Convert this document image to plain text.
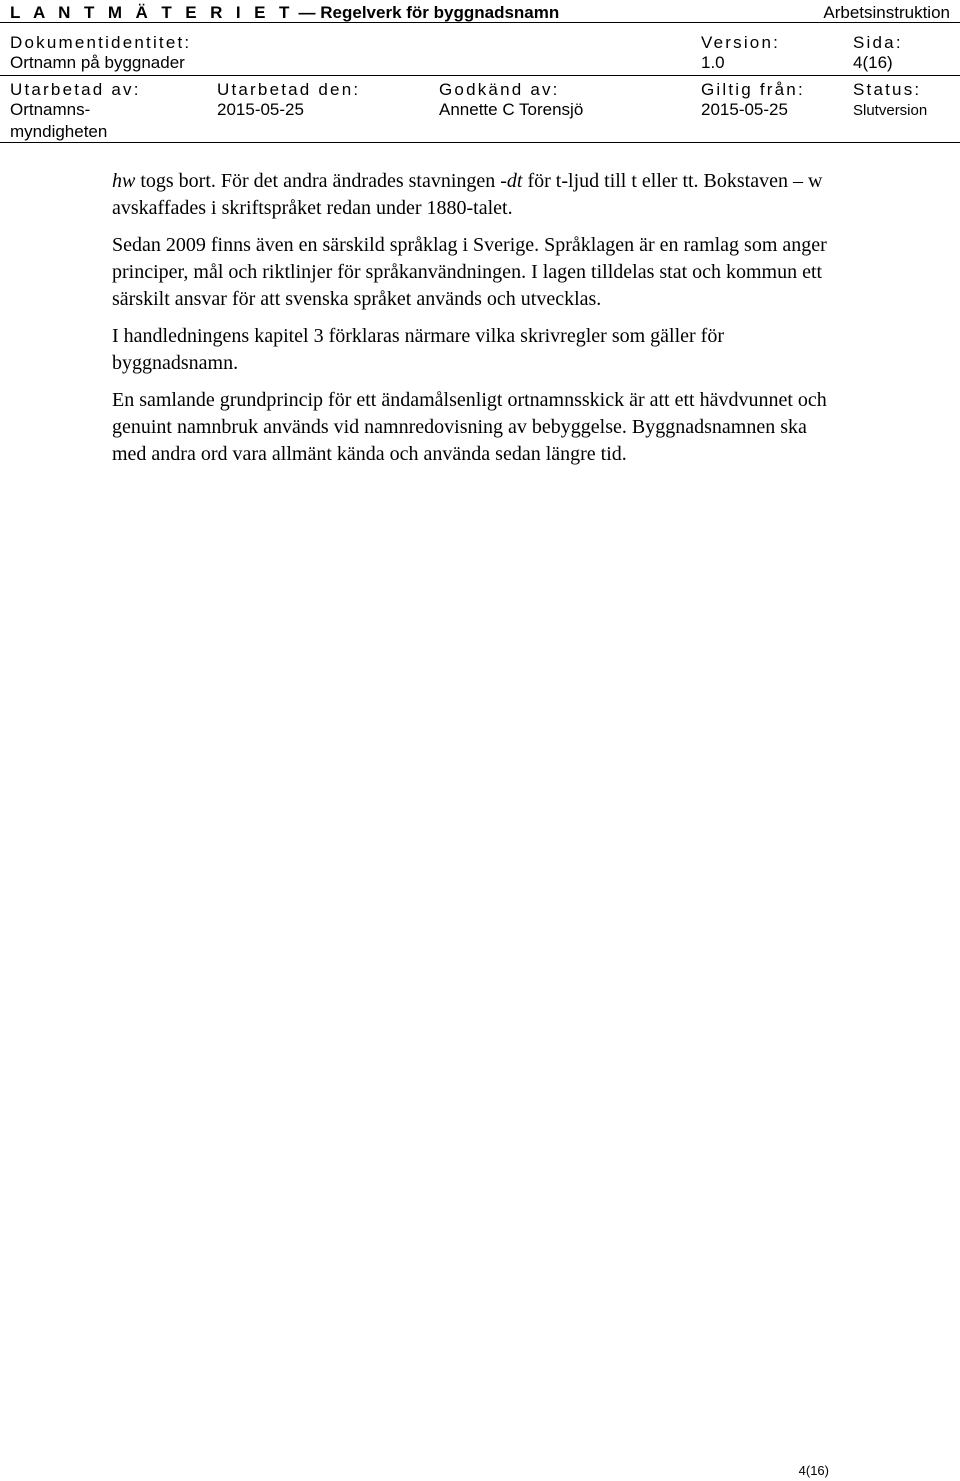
L A N T M Ä T E R I E T — Regelverk för byggnadsnamn	Arbetsinstruktion
Dokumentidentitet:
Ortnamn på byggnader
Version:
1.0
Sida:
4(16)
Utarbetad av:
Ortnamns-
myndigheten
Utarbetad den:
2015-05-25
Godkänd av:
Annette C Torensjö
Giltig från:
2015-05-25
Status:
Slutversion

hw togs bort. För det andra ändrades stavningen -dt för t-ljud till t eller tt. Bokstaven – w avskaffades i skriftspråket redan under 1880-talet.

Sedan 2009 finns även en särskild språklag i Sverige. Språklagen är en ramlag som anger principer, mål och riktlinjer för språkanvändningen. I lagen tilldelas stat och kommun ett särskilt ansvar för att svenska språket används och utvecklas.

I handledningens kapitel 3 förklaras närmare vilka skrivregler som gäller för byggnadsnamn.

En samlande grundprincip för ett ändamålsenligt ortnamnsskick är att ett hävdvunnet och genuint namnbruk används vid namnredovisning av bebyggelse. Byggnadsnamnen ska med andra ord vara allmänt kända och använda sedan längre tid.

4(16)
